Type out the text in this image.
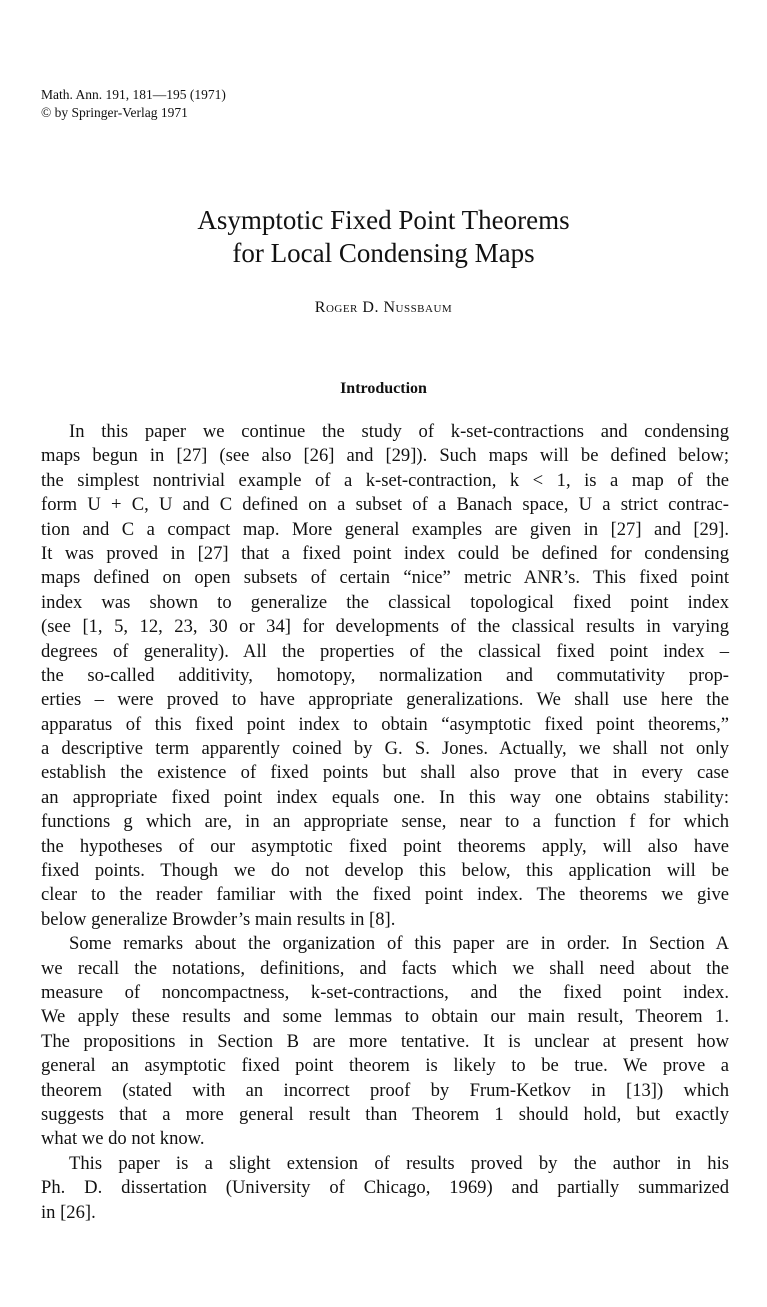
Math. Ann. 191, 181—195 (1971)
© by Springer-Verlag 1971
Asymptotic Fixed Point Theorems
for Local Condensing Maps
Roger D. Nussbaum
Introduction
In this paper we continue the study of k-set-contractions and condensing
maps begun in [27] (see also [26] and [29]). Such maps will be defined below;
the simplest nontrivial example of a k-set-contraction, k < 1, is a map of the
form U + C, U and C defined on a subset of a Banach space, U a strict contrac-
tion and C a compact map. More general examples are given in [27] and [29].
It was proved in [27] that a fixed point index could be defined for condensing
maps defined on open subsets of certain “nice” metric ANR’s. This fixed point
index was shown to generalize the classical topological fixed point index
(see [1, 5, 12, 23, 30 or 34] for developments of the classical results in varying
degrees of generality). All the properties of the classical fixed point index –
the so-called additivity, homotopy, normalization and commutativity prop-
erties – were proved to have appropriate generalizations. We shall use here the
apparatus of this fixed point index to obtain “asymptotic fixed point theorems,”
a descriptive term apparently coined by G. S. Jones. Actually, we shall not only
establish the existence of fixed points but shall also prove that in every case
an appropriate fixed point index equals one. In this way one obtains stability:
functions g which are, in an appropriate sense, near to a function f for which
the hypotheses of our asymptotic fixed point theorems apply, will also have
fixed points. Though we do not develop this below, this application will be
clear to the reader familiar with the fixed point index. The theorems we give
below generalize Browder’s main results in [8].
Some remarks about the organization of this paper are in order. In Section A
we recall the notations, definitions, and facts which we shall need about the
measure of noncompactness, k-set-contractions, and the fixed point index.
We apply these results and some lemmas to obtain our main result, Theorem 1.
The propositions in Section B are more tentative. It is unclear at present how
general an asymptotic fixed point theorem is likely to be true. We prove a
theorem (stated with an incorrect proof by Frum-Ketkov in [13]) which
suggests that a more general result than Theorem 1 should hold, but exactly
what we do not know.
This paper is a slight extension of results proved by the author in his
Ph. D. dissertation (University of Chicago, 1969) and partially summarized
in [26].
